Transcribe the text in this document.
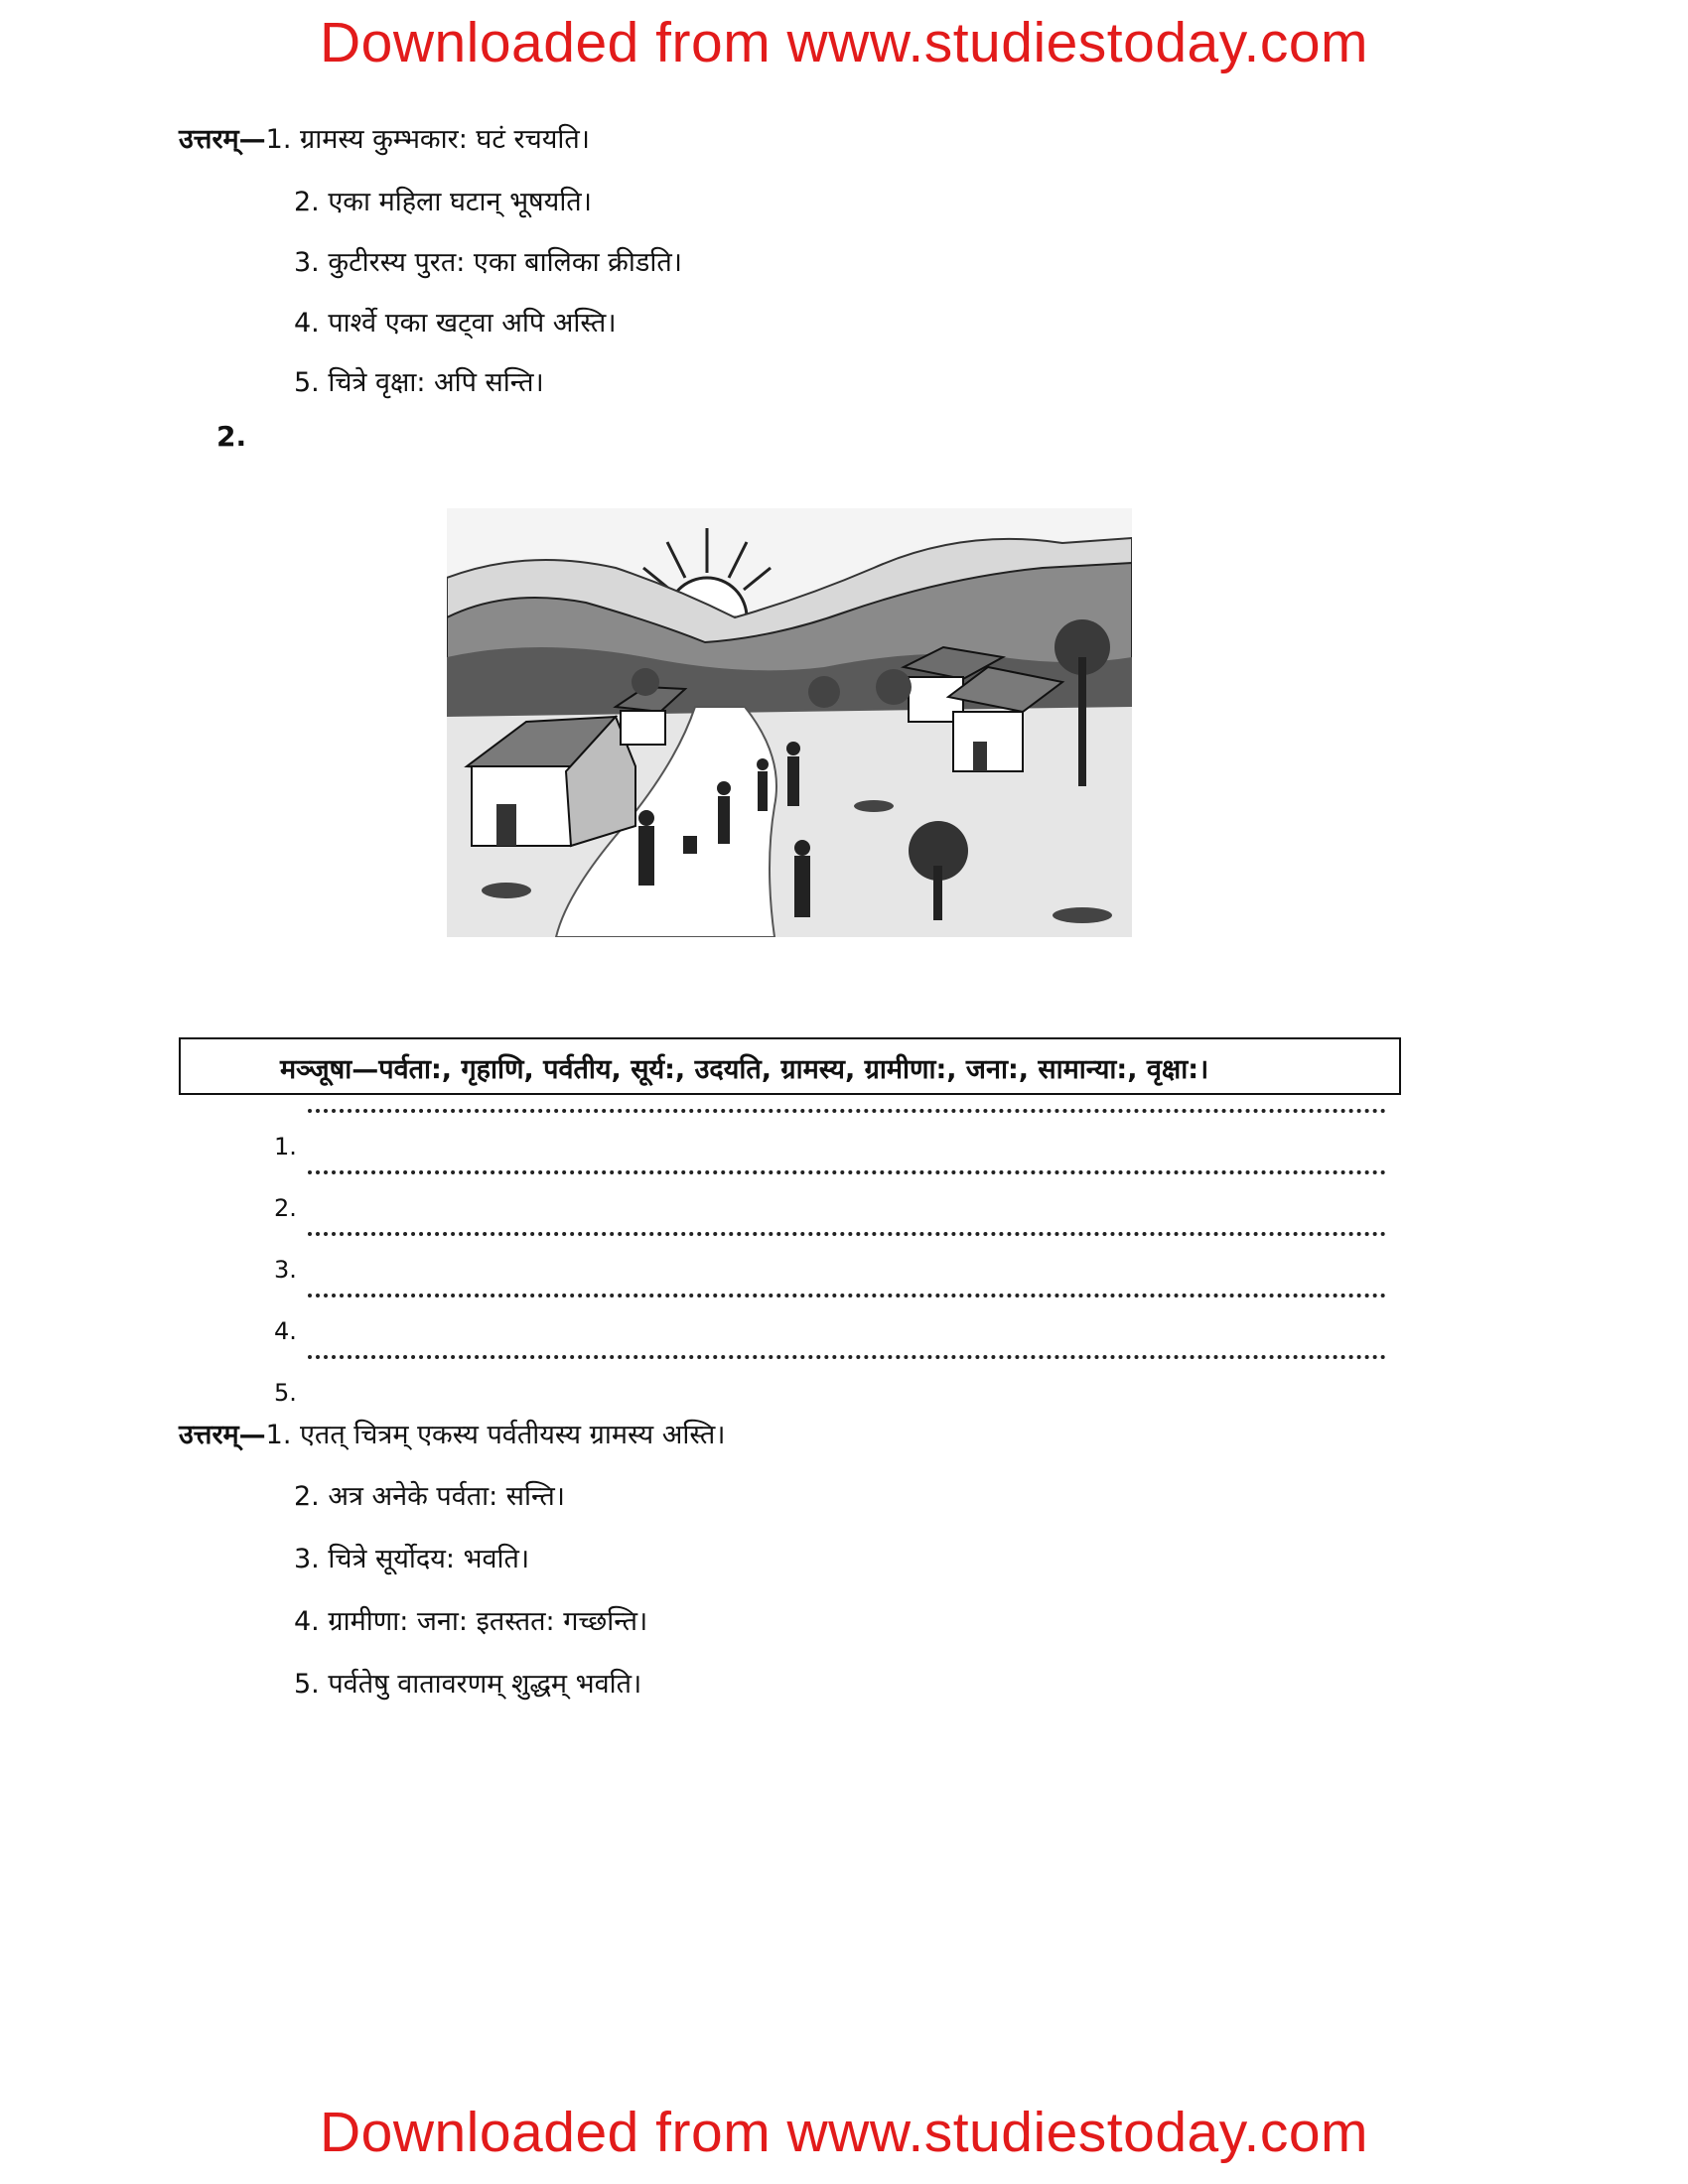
Downloaded from www.studiestoday.com
उत्तरम्—1. ग्रामस्य कुम्भकार: घटं रचयति।
2. एका महिला घटान् भूषयति।
3. कुटीरस्य पुरत: एका बालिका क्रीडति।
4. पार्श्वे एका खट्वा अपि अस्ति।
5. चित्रे वृक्षा: अपि सन्ति।
2.
मञ्जूषा—पर्वता:, गृहाणि, पर्वतीय, सूर्य:, उदयति, ग्रामस्य, ग्रामीणा:, जना:, सामान्या:, वृक्षा:।
1.
2.
3.
4.
5.
उत्तरम्—1. एतत् चित्रम् एकस्य पर्वतीयस्य ग्रामस्य अस्ति।
2. अत्र अनेके पर्वता: सन्ति।
3. चित्रे सूर्योदय: भवति।
4. ग्रामीणा: जना: इतस्तत: गच्छन्ति।
5. पर्वतेषु वातावरणम् शुद्धम् भवति।
Downloaded from www.studiestoday.com
